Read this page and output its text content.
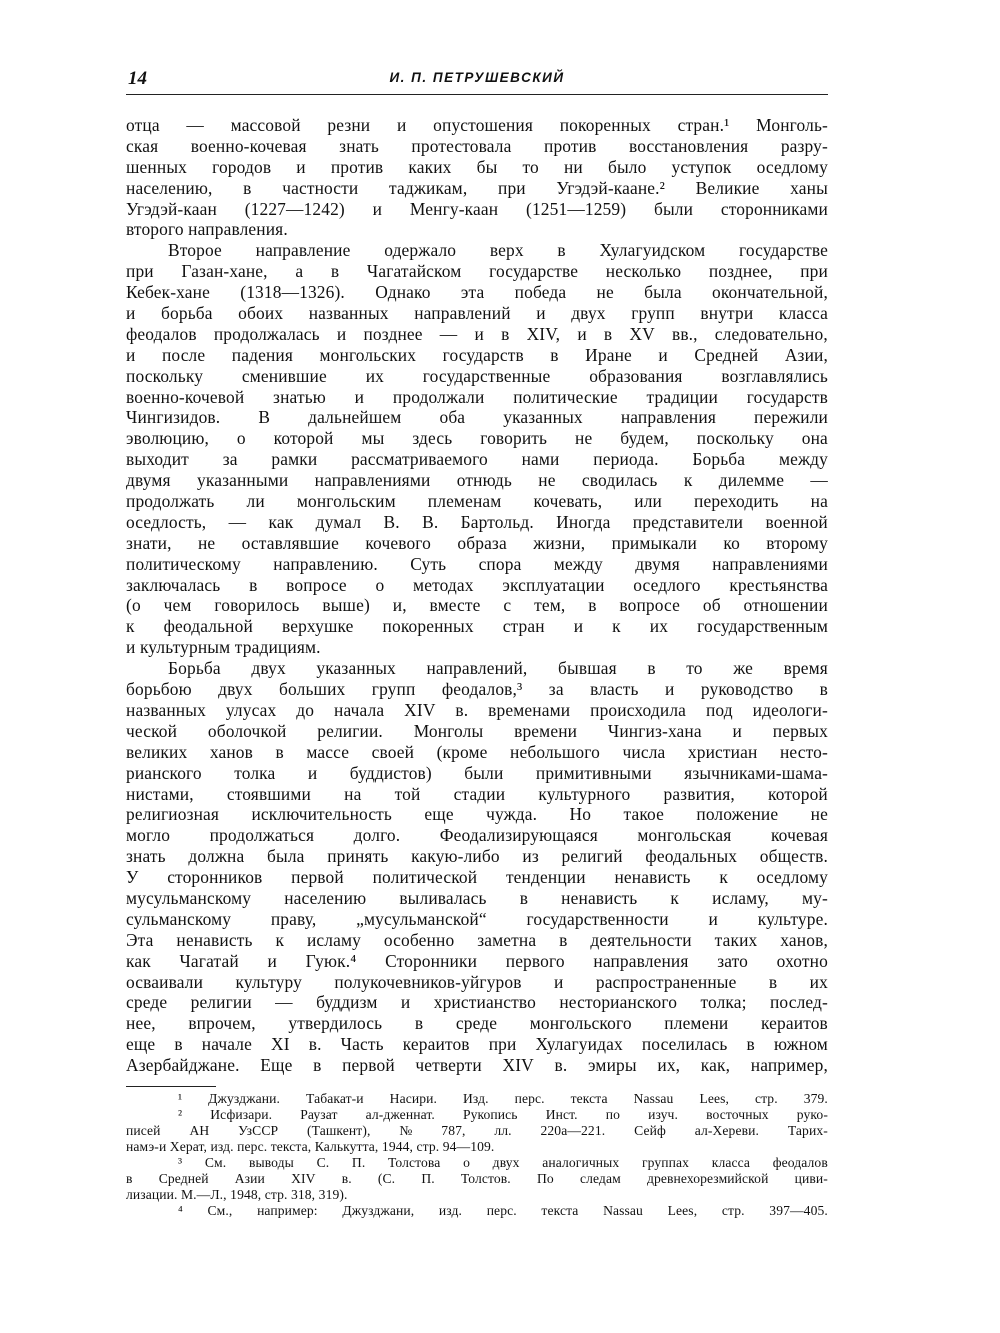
14	И. П. ПЕТРУШЕВСКИЙ
отца — массовой резни и опустошения покоренных стран.¹ Монголь-
ская военно-кочевая знать протестовала против восстановления разру-
шенных городов и против каких бы то ни было уступок оседлому
населению, в частности таджикам, при Угэдэй-каане.² Великие ханы
Угэдэй-каан (1227—1242) и Менгу-каан (1251—1259) были сторонниками
второго направления.
Второе направление одержало верх в Хулагуидском государстве
при Газан-хане, а в Чагатайском государстве несколько позднее, при
Кебек-хане (1318—1326). Однако эта победа не была окончательной,
и борьба обоих названных направлений и двух групп внутри класса
феодалов продолжалась и позднее — и в XIV, и в XV вв., следовательно,
и после падения монгольских государств в Иране и Средней Азии,
поскольку сменившие их государственные образования возглавлялись
военно-кочевой знатью и продолжали политические традиции государств
Чингизидов. В дальнейшем оба указанных направления пережили
эволюцию, о которой мы здесь говорить не будем, поскольку она
выходит за рамки рассматриваемого нами периода. Борьба между
двумя указанными направлениями отнюдь не сводилась к дилемме —
продолжать ли монгольским племенам кочевать, или переходить на
оседлость, — как думал В. В. Бартольд. Иногда представители военной
знати, не оставлявшие кочевого образа жизни, примыкали ко второму
политическому направлению. Суть спора между двумя направлениями
заключалась в вопросе о методах эксплуатации оседлого крестьянства
(о чем говорилось выше) и, вместе с тем, в вопросе об отношении
к феодальной верхушке покоренных стран и к их государственным
и культурным традициям.
Борьба двух указанных направлений, бывшая в то же время
борьбою двух больших групп феодалов,³ за власть и руководство в
названных улусах до начала XIV в. временами происходила под идеологи-
ческой оболочкой религии. Монголы времени Чингиз-хана и первых
великих ханов в массе своей (кроме небольшого числа христиан несто-
рианского толка и буддистов) были примитивными язычниками-шама-
нистами, стоявшими на той стадии культурного развития, которой
религиозная исключительность еще чужда. Но такое положение не
могло продолжаться долго. Феодализирующаяся монгольская кочевая
знать должна была принять какую-либо из религий феодальных обществ.
У сторонников первой политической тенденции ненависть к оседлому
мусульманскому населению выливалась в ненависть к исламу, му-
сульманскому праву, „мусульманской“ государственности и культуре.
Эта ненависть к исламу особенно заметна в деятельности таких ханов,
как Чагатай и Гуюк.⁴ Сторонники первого направления зато охотно
осваивали культуру полукочевников-уйгуров и распространенные в их
среде религии — буддизм и христианство несторианского толка; послед-
нее, впрочем, утвердилось в среде монгольского племени кераитов
еще в начале XI в. Часть кераитов при Хулагуидах поселилась в южном
Азербайджане. Еще в первой четверти XIV в. эмиры их, как, например,
¹ Джузджани. Табакат-и Насири. Изд. перс. текста Nassau Lees, стр. 379.
² Исфизари. Раузат ал-дженнат. Рукопись Инст. по изуч. восточных руко-
писей АН УзССР (Ташкент), № 787, лл. 220а—221. Сейф ал-Херeви. Тарих-
намэ-и Херат, изд. перс. текста, Калькутта, 1944, стр. 94—109.
³ См. выводы С. П. Толстова о двух аналогичных группах класса феодалов
в Средней Азии XIV в. (С. П. Толстов. По следам древнехорезмийской циви-
лизации. М.—Л., 1948, стр. 318, 319).
⁴ См., например: Джузджани, изд. перс. текста Nassau Lees, стр. 397—405.
